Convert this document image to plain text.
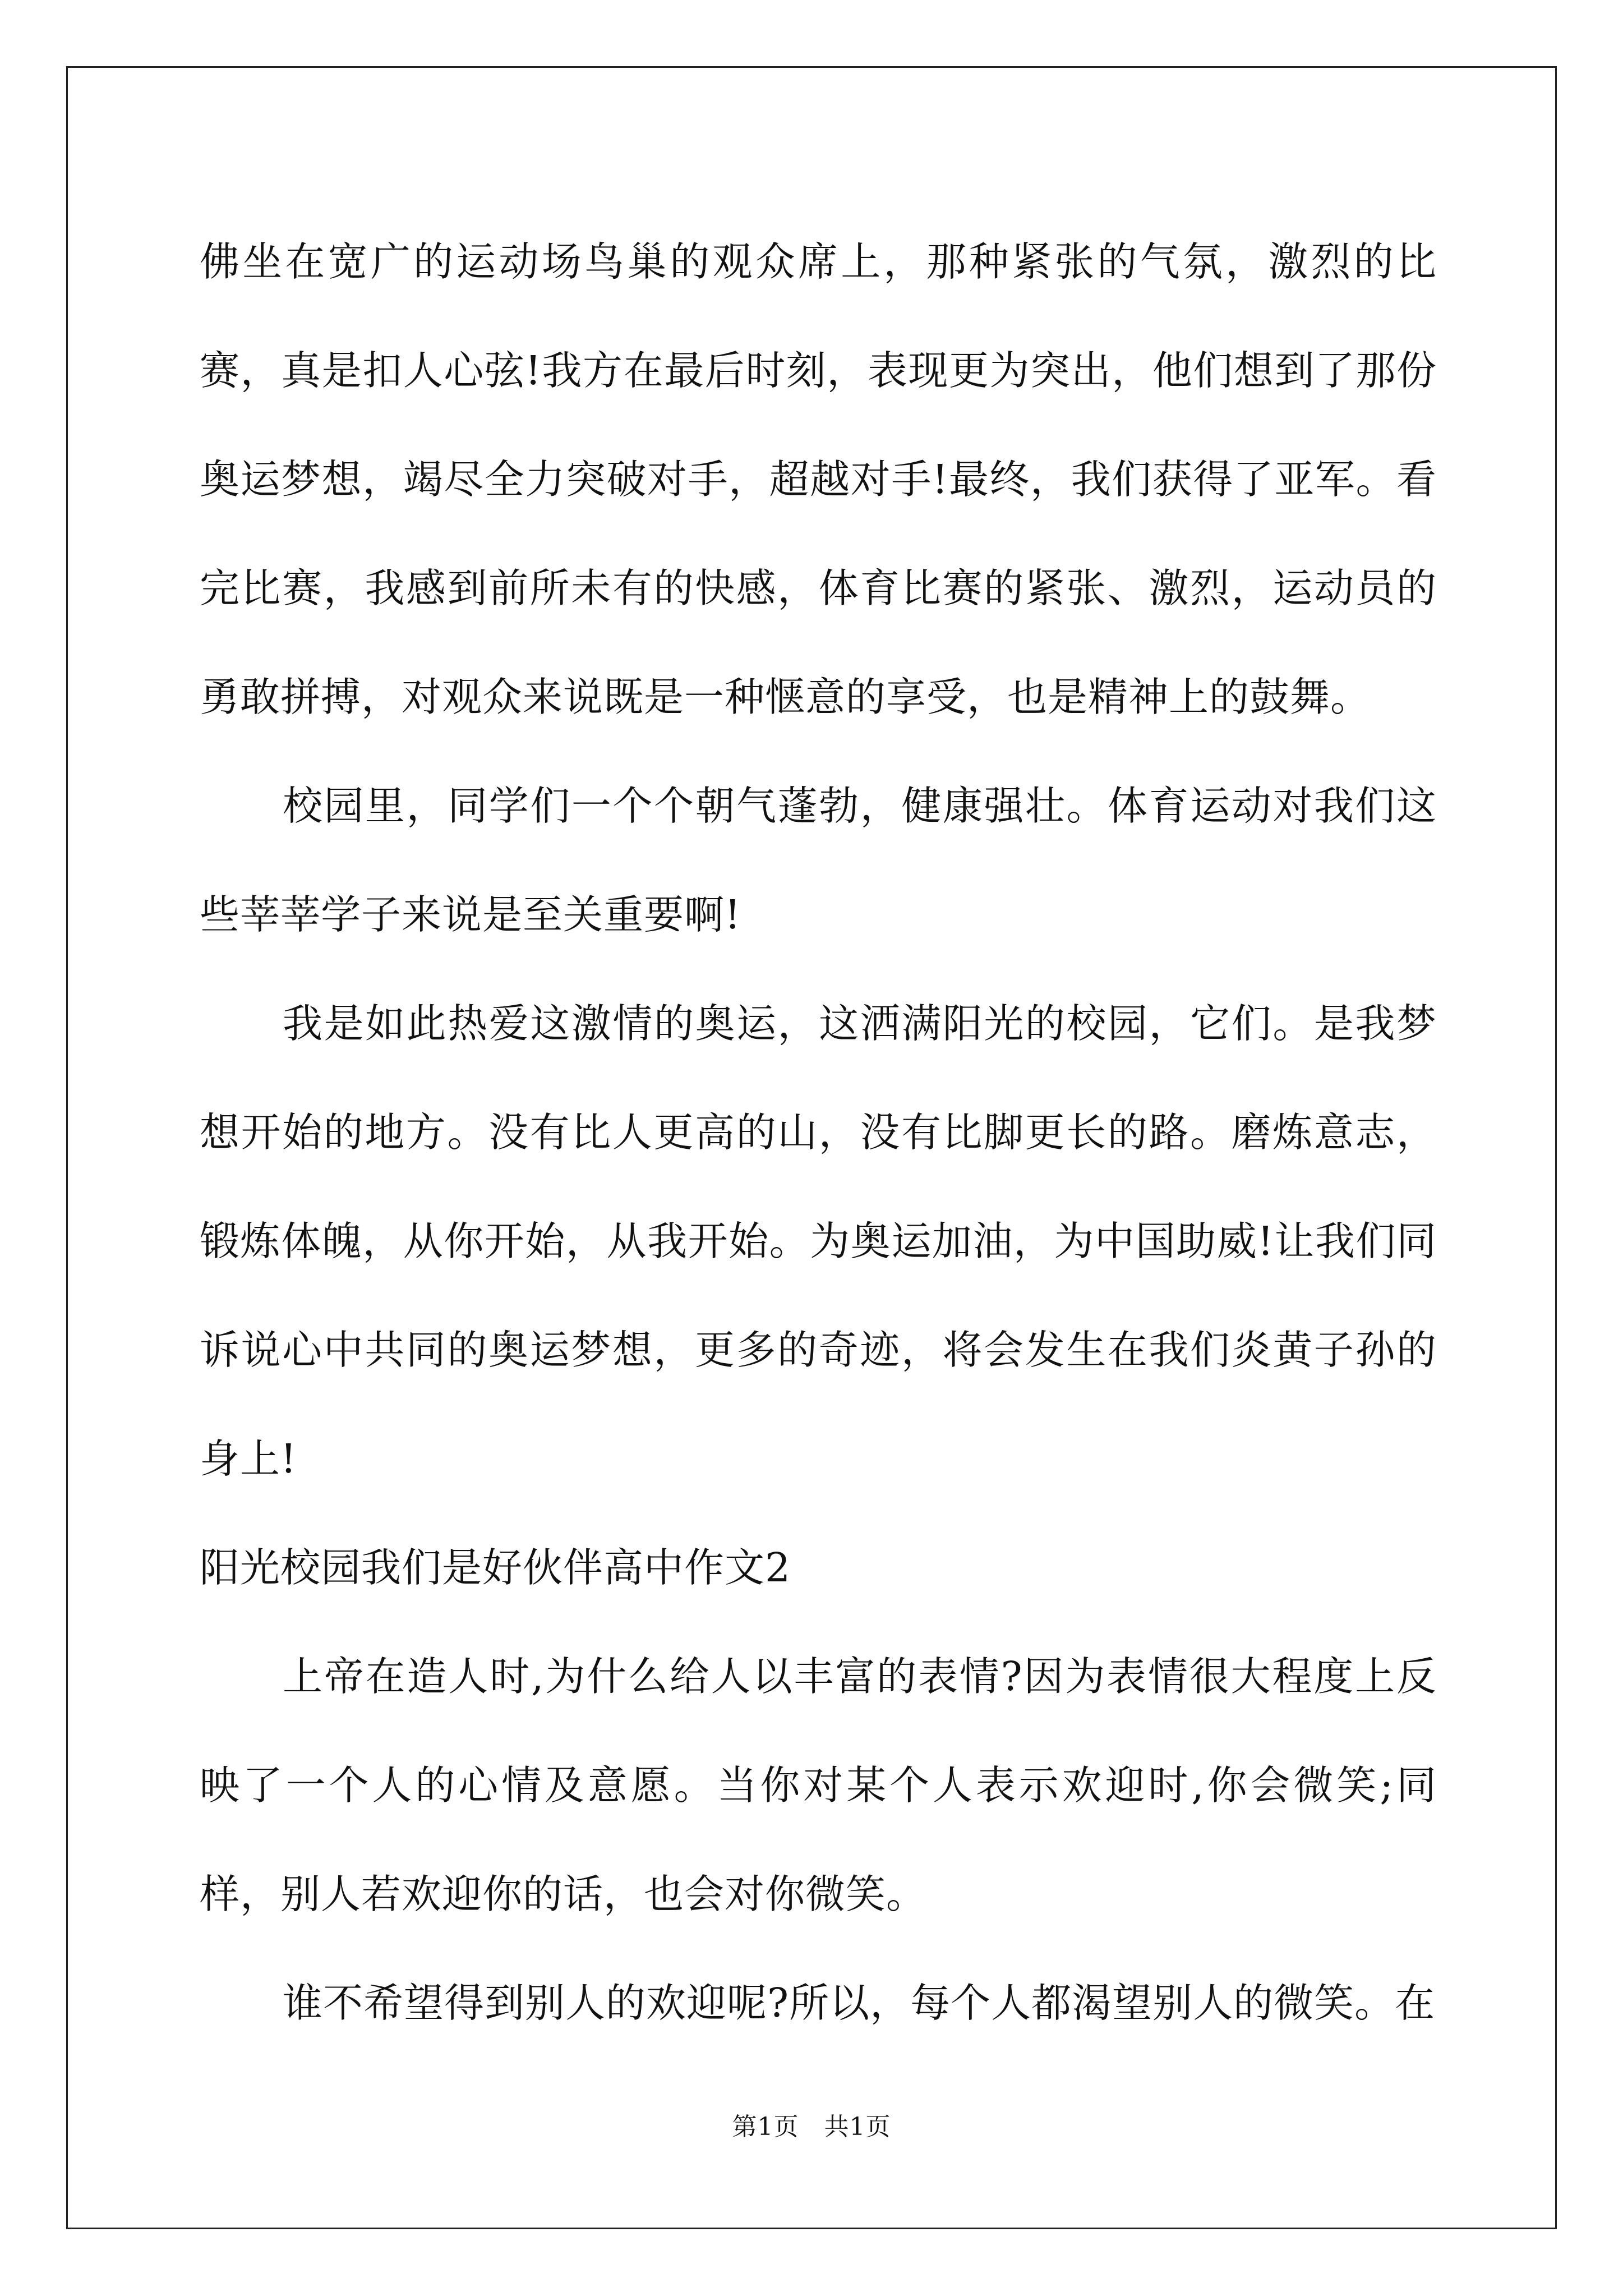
佛坐在宽广的运动场鸟巢的观众席上，那种紧张的气氛，激烈的比赛，真是扣人心弦!我方在最后时刻，表现更为突出，他们想到了那份奥运梦想，竭尽全力突破对手，超越对手!最终，我们获得了亚军。看完比赛，我感到前所未有的快感，体育比赛的紧张、激烈，运动员的勇敢拼搏，对观众来说既是一种惬意的享受，也是精神上的鼓舞。

校园里，同学们一个个朝气蓬勃，健康强壮。体育运动对我们这些莘莘学子来说是至关重要啊!

我是如此热爱这激情的奥运，这洒满阳光的校园，它们。是我梦想开始的地方。没有比人更高的山，没有比脚更长的路。磨炼意志，锻炼体魄，从你开始，从我开始。为奥运加油，为中国助威!让我们同诉说心中共同的奥运梦想，更多的奇迹，将会发生在我们炎黄子孙的身上!

阳光校园我们是好伙伴高中作文2

上帝在造人时,为什么给人以丰富的表情?因为表情很大程度上反映了一个人的心情及意愿。当你对某个人表示欢迎时,你会微笑;同样，别人若欢迎你的话，也会对你微笑。

谁不希望得到别人的欢迎呢?所以，每个人都渴望别人的微笑。在

第1页　共1页
